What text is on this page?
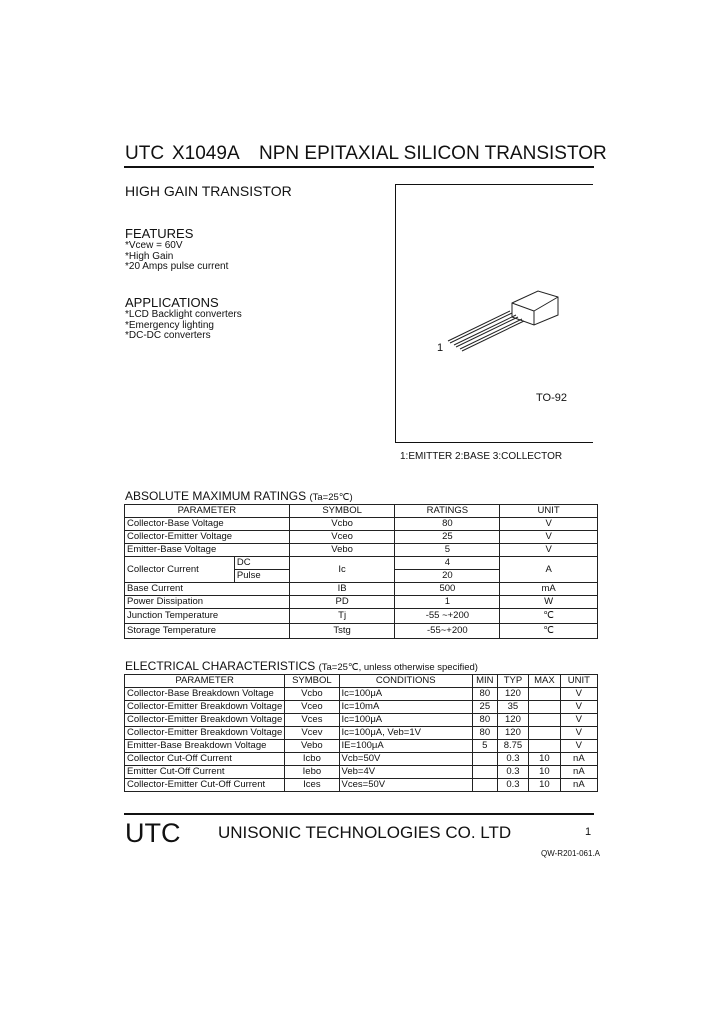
UTC X1049A NPN EPITAXIAL SILICON TRANSISTOR
HIGH GAIN TRANSISTOR
FEATURES
*Vcew = 60V
*High Gain
*20 Amps pulse current
APPLICATIONS
*LCD Backlight converters
*Emergency lighting
*DC-DC converters
1
TO-92
1:EMITTER 2:BASE 3:COLLECTOR
ABSOLUTE MAXIMUM RATINGS (Ta=25℃)
PARAMETER		SYMBOL	RATINGS	UNIT
Collector-Base Voltage		Vcbo	80	V
Collector-Emitter Voltage		Vceo	25	V
Emitter-Base Voltage		Vebo	5	V
Collector Current	DC	Ic	4	A
	Pulse		20	
Base Current		IB	500	mA
Power Dissipation		PD	1	W
Junction Temperature		Tj	-55 ~+200	℃
Storage Temperature		Tstg	-55~+200	℃
ELECTRICAL CHARACTERISTICS (Ta=25℃, unless otherwise specified)
PARAMETER	SYMBOL	CONDITIONS	MIN	TYP	MAX	UNIT
Collector-Base Breakdown Voltage	Vcbo	Ic=100μA	80	120		V
Collector-Emitter Breakdown Voltage	Vceo	Ic=10mA	25	35		V
Collector-Emitter Breakdown Voltage	Vces	Ic=100μA	80	120		V
Collector-Emitter Breakdown Voltage	Vcev	Ic=100μA, Veb=1V	80	120		V
Emitter-Base Breakdown Voltage	Vebo	IE=100μA	5	8.75		V
Collector Cut-Off Current	Icbo	Vcb=50V		0.3	10	nA
Emitter Cut-Off Current	Iebo	Veb=4V		0.3	10	nA
Collector-Emitter Cut-Off Current	Ices	Vces=50V		0.3	10	nA
UTC UNISONIC TECHNOLOGIES CO. LTD	1
QW-R201-061.A
